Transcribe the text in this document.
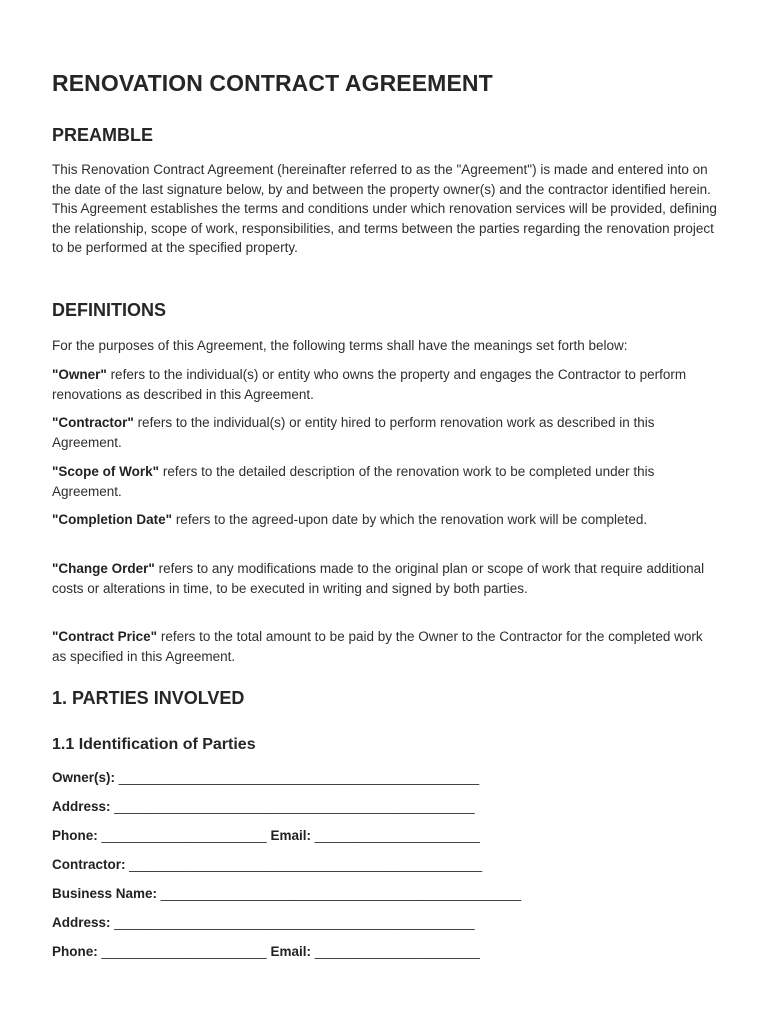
RENOVATION CONTRACT AGREEMENT
PREAMBLE

This Renovation Contract Agreement (hereinafter referred to as the "Agreement") is made and entered into on the date of the last signature below, by and between the property owner(s) and the contractor identified herein. This Agreement establishes the terms and conditions under which renovation services will be provided, defining the relationship, scope of work, responsibilities, and terms between the parties regarding the renovation project to be performed at the specified property.

DEFINITIONS

For the purposes of this Agreement, the following terms shall have the meanings set forth below:

"Owner" refers to the individual(s) or entity who owns the property and engages the Contractor to perform renovations as described in this Agreement.

"Contractor" refers to the individual(s) or entity hired to perform renovation work as described in this Agreement.

"Scope of Work" refers to the detailed description of the renovation work to be completed under this Agreement.

"Completion Date" refers to the agreed-upon date by which the renovation work will be completed.

"Change Order" refers to any modifications made to the original plan or scope of work that require additional costs or alterations in time, to be executed in writing and signed by both parties.

"Contract Price" refers to the total amount to be paid by the Owner to the Contractor for the completed work as specified in this Agreement.

1. PARTIES INVOLVED
1.1 Identification of Parties

Owner(s): ________________________________________________

Address: ________________________________________________

Phone: ______________________ Email: ______________________

Contractor: _______________________________________________

Business Name: ________________________________________________

Address: ________________________________________________

Phone: ______________________ Email: ______________________
